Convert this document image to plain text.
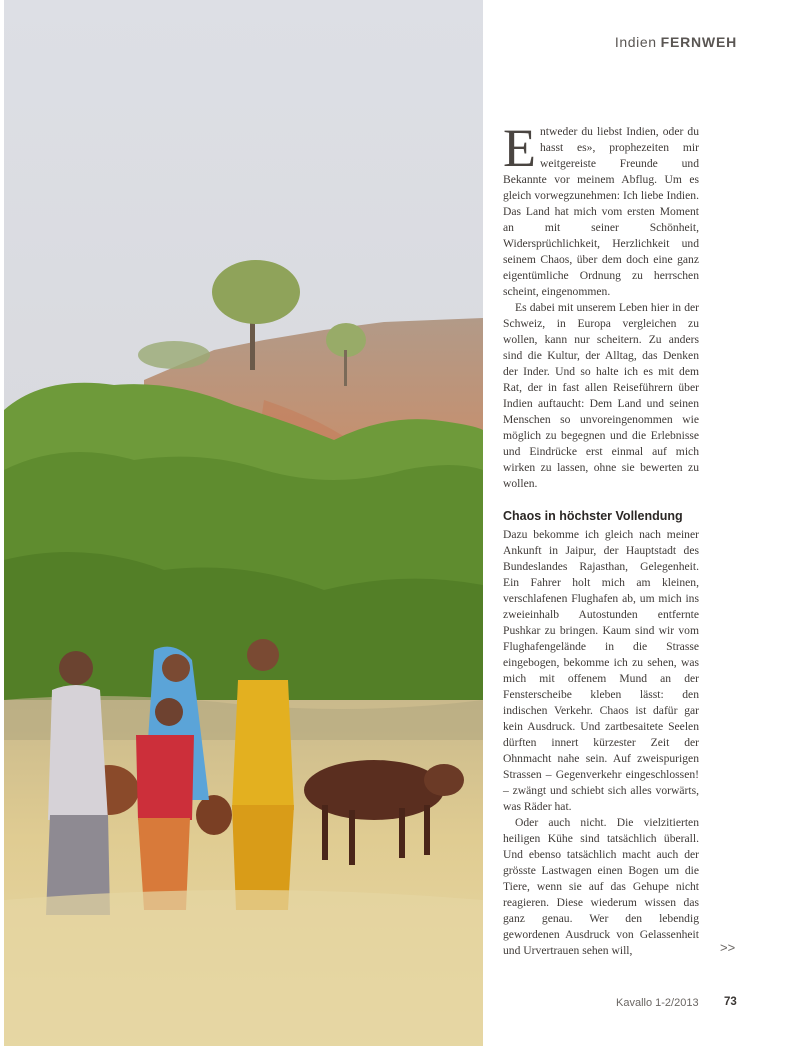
Indien FERNWEH

Entweder du liebst Indien, oder du hasst es», prophezeiten mir weitgereiste Freunde und Bekannte vor meinem Abflug. Um es gleich vorwegzunehmen: Ich liebe Indien. Das Land hat mich vom ersten Moment an mit seiner Schönheit, Widersprüchlichkeit, Herzlichkeit und seinem Chaos, über dem doch eine ganz eigentümliche Ordnung zu herrschen scheint, eingenommen.

Es dabei mit unserem Leben hier in der Schweiz, in Europa vergleichen zu wollen, kann nur scheitern. Zu anders sind die Kultur, der Alltag, das Denken der Inder. Und so halte ich es mit dem Rat, der in fast allen Reiseführern über Indien auftaucht: Dem Land und seinen Menschen so unvoreingenommen wie möglich zu begegnen und die Erlebnisse und Eindrücke erst einmal auf mich wirken zu lassen, ohne sie bewerten zu wollen.

Chaos in höchster Vollendung

Dazu bekomme ich gleich nach meiner Ankunft in Jaipur, der Hauptstadt des Bundeslandes Rajasthan, Gelegenheit. Ein Fahrer holt mich am kleinen, verschlafenen Flughafen ab, um mich ins zweieinhalb Autostunden entfernte Pushkar zu bringen. Kaum sind wir vom Flughafengelände in die Strasse eingebogen, bekomme ich zu sehen, was mich mit offenem Mund an der Fensterscheibe kleben lässt: den indischen Verkehr. Chaos ist dafür gar kein Ausdruck. Und zartbesaitete Seelen dürften innert kürzester Zeit der Ohnmacht nahe sein. Auf zweispurigen Strassen – Gegenverkehr eingeschlossen! – zwängt und schiebt sich alles vorwärts, was Räder hat.

Oder auch nicht. Die vielzitierten heiligen Kühe sind tatsächlich überall. Und ebenso tatsächlich macht auch der grösste Lastwagen einen Bogen um die Tiere, wenn sie auf das Gehupe nicht reagieren. Diese wiederum wissen das ganz genau. Wer den lebendig gewordenen Ausdruck von Gelassenheit und Urvertrauen sehen will,	>>
Kavallo 1-2/2013 73
